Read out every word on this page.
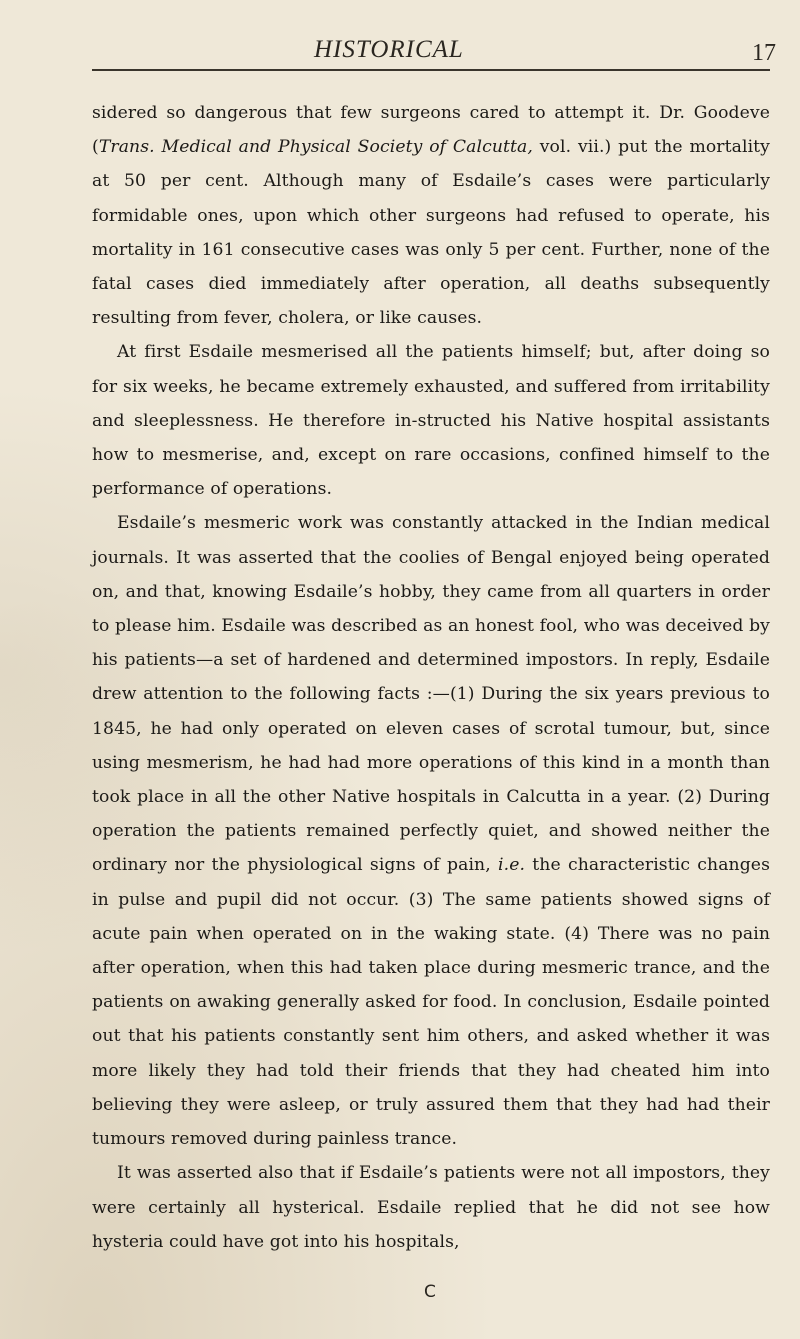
HISTORICAL	17

sidered so dangerous that few surgeons cared to attempt it. Dr. Goodeve (Trans. Medical and Physical Society of Calcutta, vol. vii.) put the mortality at 50 per cent. Although many of Esdaile’s cases were particularly formidable ones, upon which other surgeons had refused to operate, his mortality in 161 consecutive cases was only 5 per cent. Further, none of the fatal cases died immediately after operation, all deaths subsequently resulting from fever, cholera, or like causes.

At first Esdaile mesmerised all the patients himself; but, after doing so for six weeks, he became extremely exhausted, and suffered from irritability and sleeplessness. He therefore in-structed his Native hospital assistants how to mesmerise, and, except on rare occasions, confined himself to the performance of operations.

Esdaile’s mesmeric work was constantly attacked in the Indian medical journals. It was asserted that the coolies of Bengal enjoyed being operated on, and that, knowing Esdaile’s hobby, they came from all quarters in order to please him. Esdaile was described as an honest fool, who was deceived by his patients—a set of hardened and determined impostors. In reply, Esdaile drew attention to the following facts :—(1) During the six years previous to 1845, he had only operated on eleven cases of scrotal tumour, but, since using mesmerism, he had had more operations of this kind in a month than took place in all the other Native hospitals in Calcutta in a year. (2) During operation the patients remained perfectly quiet, and showed neither the ordinary nor the physiological signs of pain, i.e. the characteristic changes in pulse and pupil did not occur. (3) The same patients showed signs of acute pain when operated on in the waking state. (4) There was no pain after operation, when this had taken place during mesmeric trance, and the patients on awaking generally asked for food. In conclusion, Esdaile pointed out that his patients constantly sent him others, and asked whether it was more likely they had told their friends that they had cheated him into believing they were asleep, or truly assured them that they had had their tumours removed during painless trance.

It was asserted also that if Esdaile’s patients were not all impostors, they were certainly all hysterical. Esdaile replied that he did not see how hysteria could have got into his hospitals,

C
